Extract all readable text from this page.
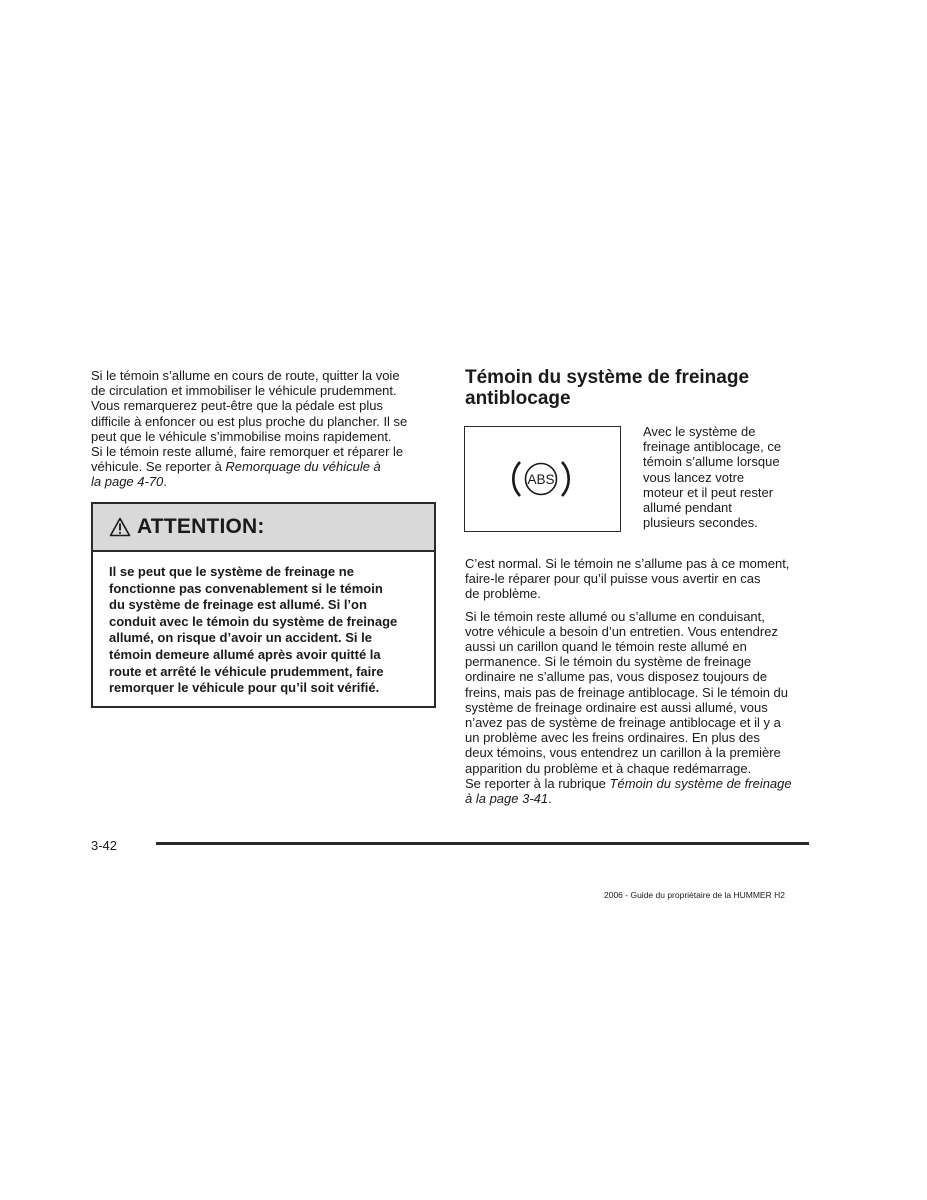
Si le témoin s’allume en cours de route, quitter la voie
de circulation et immobiliser le véhicule prudemment.
Vous remarquerez peut-être que la pédale est plus
difficile à enfoncer ou est plus proche du plancher. Il se
peut que le véhicule s’immobilise moins rapidement.
Si le témoin reste allumé, faire remorquer et réparer le
véhicule. Se reporter à Remorquage du véhicule à
la page 4-70.

ATTENTION:
Il se peut que le système de freinage ne
fonctionne pas convenablement si le témoin
du système de freinage est allumé. Si l’on
conduit avec le témoin du système de freinage
allumé, on risque d’avoir un accident. Si le
témoin demeure allumé après avoir quitté la
route et arrêté le véhicule prudemment, faire
remorquer le véhicule pour qu’il soit vérifié.
Témoin du système de freinage
antiblocage
ABS
Avec le système de
freinage antiblocage, ce
témoin s’allume lorsque
vous lancez votre
moteur et il peut rester
allumé pendant
plusieurs secondes.

C’est normal. Si le témoin ne s’allume pas à ce moment,
faire-le réparer pour qu’il puisse vous avertir en cas
de problème.

Si le témoin reste allumé ou s’allume en conduisant,
votre véhicule a besoin d’un entretien. Vous entendrez
aussi un carillon quand le témoin reste allumé en
permanence. Si le témoin du système de freinage
ordinaire ne s’allume pas, vous disposez toujours de
freins, mais pas de freinage antiblocage. Si le témoin du
système de freinage ordinaire est aussi allumé, vous
n’avez pas de système de freinage antiblocage et il y a
un problème avec les freins ordinaires. En plus des
deux témoins, vous entendrez un carillon à la première
apparition du problème et à chaque redémarrage.
Se reporter à la rubrique Témoin du système de freinage
à la page 3-41.

3-42
2006 - Guide du propriétaire de la HUMMER H2
